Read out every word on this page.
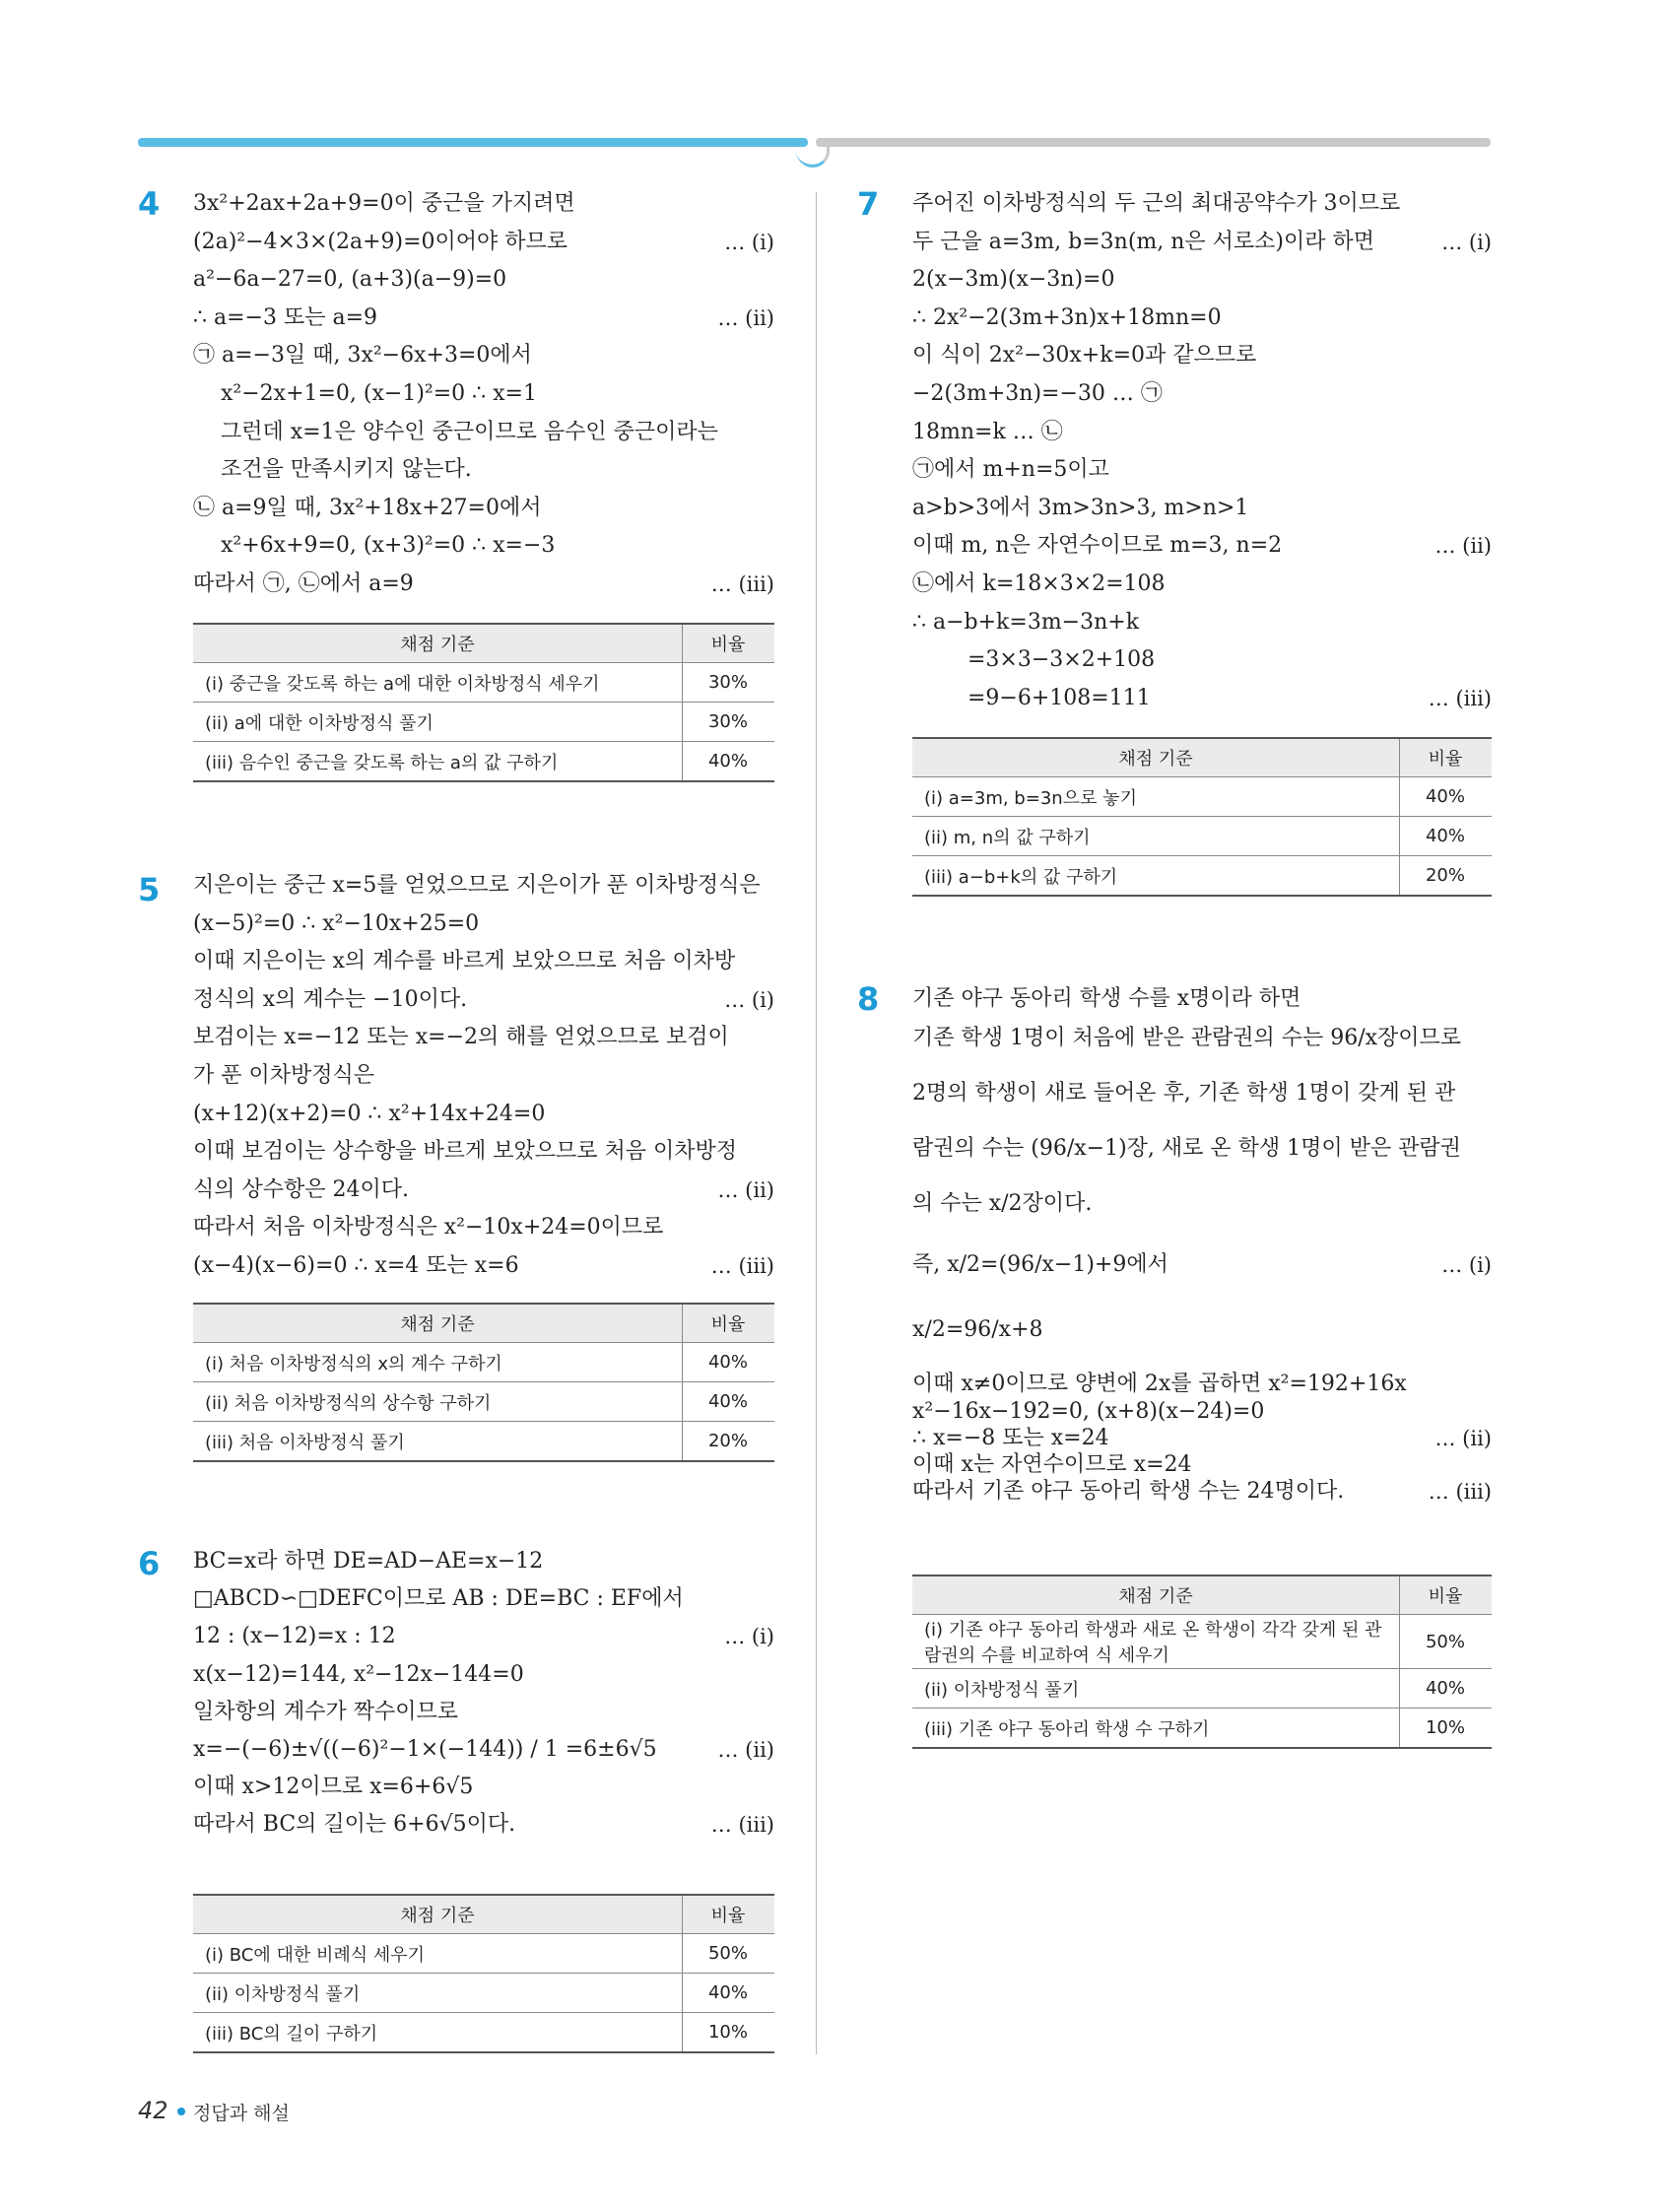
4 3x²+2ax+2a+9=0이 중근을 가지려면
(2a)²−4×3×(2a+9)=0이어야 하므로	… (i)
a²−6a−27=0, (a+3)(a−9)=0
∴ a=−3 또는 a=9	… (ii)
㉠ a=−3일 때, 3x²−6x+3=0에서
x²−2x+1=0, (x−1)²=0 ∴ x=1
그런데 x=1은 양수인 중근이므로 음수인 중근이라는
조건을 만족시키지 않는다.
㉡ a=9일 때, 3x²+18x+27=0에서
x²+6x+9=0, (x+3)²=0 ∴ x=−3
따라서 ㉠, ㉡에서 a=9	… (iii)
채점 기준	비율
(i) 중근을 갖도록 하는 a에 대한 이차방정식 세우기	30%
(ii) a에 대한 이차방정식 풀기	30%
(iii) 음수인 중근을 갖도록 하는 a의 값 구하기	40%
5 지은이는 중근 x=5를 얻었으므로 지은이가 푼 이차방정식은
(x−5)²=0 ∴ x²−10x+25=0
이때 지은이는 x의 계수를 바르게 보았으므로 처음 이차방
정식의 x의 계수는 −10이다.	… (i)
보검이는 x=−12 또는 x=−2의 해를 얻었으므로 보검이
가 푼 이차방정식은
(x+12)(x+2)=0 ∴ x²+14x+24=0
이때 보검이는 상수항을 바르게 보았으므로 처음 이차방정
식의 상수항은 24이다.	… (ii)
따라서 처음 이차방정식은 x²−10x+24=0이므로
(x−4)(x−6)=0 ∴ x=4 또는 x=6	… (iii)
채점 기준	비율
(i) 처음 이차방정식의 x의 계수 구하기	40%
(ii) 처음 이차방정식의 상수항 구하기	40%
(iii) 처음 이차방정식 풀기	20%
6 BC=x라 하면 DE=AD−AE=x−12
□ABCD∽□DEFC이므로 AB : DE=BC : EF에서
12 : (x−12)=x : 12	… (i)
x(x−12)=144, x²−12x−144=0
일차항의 계수가 짝수이므로
x=−(−6)±√((−6)²−1×(−144)) / 1 =6±6√5	… (ii)
이때 x>12이므로 x=6+6√5
따라서 BC의 길이는 6+6√5이다.	… (iii)
채점 기준	비율
(i) BC에 대한 비례식 세우기	50%
(ii) 이차방정식 풀기	40%
(iii) BC의 길이 구하기	10%
7 주어진 이차방정식의 두 근의 최대공약수가 3이므로
두 근을 a=3m, b=3n(m, n은 서로소)이라 하면	… (i)
2(x−3m)(x−3n)=0
∴ 2x²−2(3m+3n)x+18mn=0
이 식이 2x²−30x+k=0과 같으므로
−2(3m+3n)=−30 … ㉠
18mn=k … ㉡
㉠에서 m+n=5이고
a>b>3에서 3m>3n>3, m>n>1
이때 m, n은 자연수이므로 m=3, n=2	… (ii)
㉡에서 k=18×3×2=108
∴ a−b+k=3m−3n+k
=3×3−3×2+108
=9−6+108=111	… (iii)
채점 기준	비율
(i) a=3m, b=3n으로 놓기	40%
(ii) m, n의 값 구하기	40%
(iii) a−b+k의 값 구하기	20%
8 기존 야구 동아리 학생 수를 x명이라 하면
기존 학생 1명이 처음에 받은 관람권의 수는 96/x장이므로
2명의 학생이 새로 들어온 후, 기존 학생 1명이 갖게 된 관
람권의 수는 (96/x−1)장, 새로 온 학생 1명이 받은 관람권
의 수는 x/2장이다.
즉, x/2=(96/x−1)+9에서	… (i)
x/2=96/x+8
이때 x≠0이므로 양변에 2x를 곱하면 x²=192+16x
x²−16x−192=0, (x+8)(x−24)=0
∴ x=−8 또는 x=24	… (ii)
이때 x는 자연수이므로 x=24
따라서 기존 야구 동아리 학생 수는 24명이다.	… (iii)
채점 기준	비율
(i) 기존 야구 동아리 학생과 새로 온 학생이 각각 갖게 된 관람권의 수를 비교하여 식 세우기	50%
(ii) 이차방정식 풀기	40%
(iii) 기존 야구 동아리 학생 수 구하기	10%
42 정답과 해설
